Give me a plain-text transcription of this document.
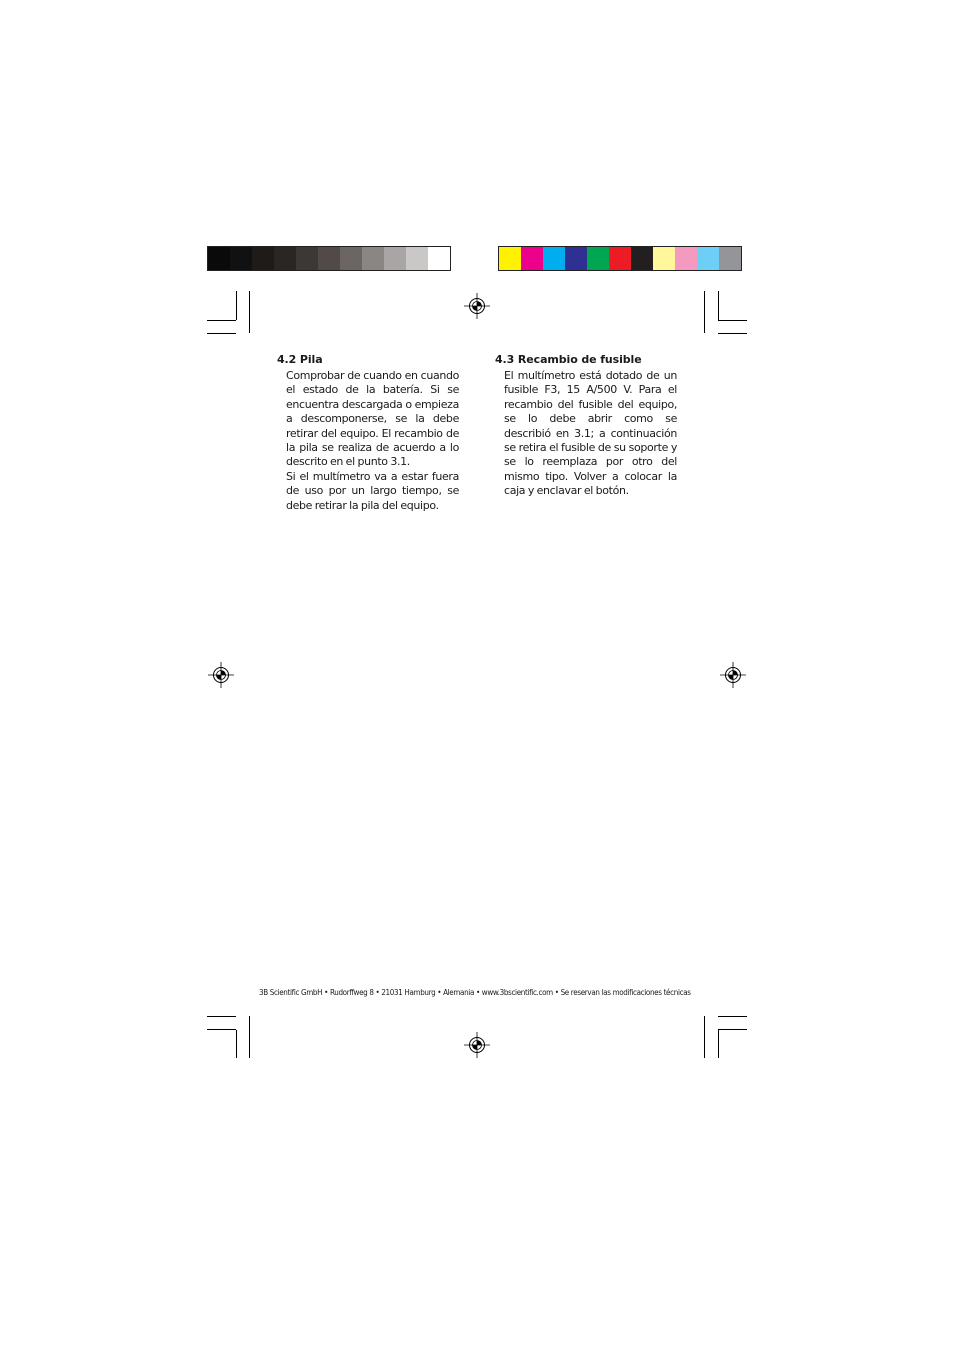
4.2 Pila

Comprobar de cuando en cuando el estado de la batería. Si se encuentra descargada o empieza a descomponerse, se la debe retirar del equipo. El recambio de la pila se realiza de acuerdo a lo descrito en el punto 3.1.

Si el multímetro va a estar fuera de uso por un largo tiempo, se debe retirar la pila del equipo.

4.3 Recambio de fusible

El multímetro está dotado de un fusible F3, 15 A/500 V. Para el recambio del fusible del equipo, se lo debe abrir como se describió en 3.1; a continuación se retira el fusible de su soporte y se lo reemplaza por otro del mismo tipo. Volver a colocar la caja y enclavar el botón.

3B Scientific GmbH • Rudorffweg 8 • 21031 Hamburg • Alemania • www.3bscientific.com • Se reservan las modificaciones técnicas
